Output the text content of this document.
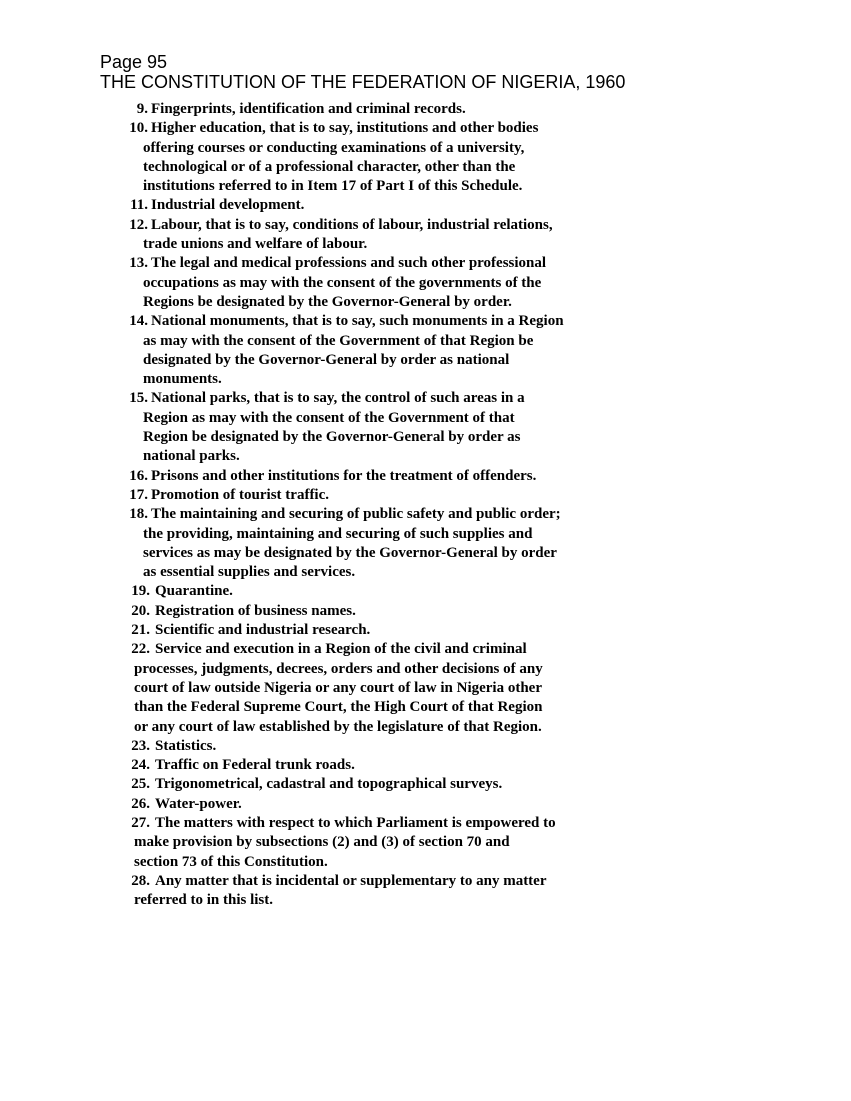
Page 95
THE CONSTITUTION OF THE FEDERATION OF NIGERIA, 1960
9. Fingerprints, identification and criminal records.
10. Higher education, that is to say, institutions and other bodies
offering courses or conducting examinations of a university,
technological or of a professional character, other than the
institutions referred to in Item 17 of Part I of this Schedule.
11. Industrial development.
12. Labour, that is to say, conditions of labour, industrial relations,
trade unions and welfare of labour.
13. The legal and medical professions and such other professional
occupations as may with the consent of the governments of the
Regions be designated by the Governor-General by order.
14. National monuments, that is to say, such monuments in a Region
as may with the consent of the Government of that Region be
designated by the Governor-General by order as national
monuments.
15. National parks, that is to say, the control of such areas in a
Region as may with the consent of the Government of that
Region be designated by the Governor-General by order as
national parks.
16. Prisons and other institutions for the treatment of offenders.
17. Promotion of tourist traffic.
18. The maintaining and securing of public safety and public order;
the providing, maintaining and securing of such supplies and
services as may be designated by the Governor-General by order
as essential supplies and services.
19. Quarantine.
20. Registration of business names.
21. Scientific and industrial research.
22. Service and execution in a Region of the civil and criminal
processes, judgments, decrees, orders and other decisions of any
court of law outside Nigeria or any court of law in Nigeria other
than the Federal Supreme Court, the High Court of that Region
or any court of law established by the legislature of that Region.
23. Statistics.
24. Traffic on Federal trunk roads.
25. Trigonometrical, cadastral and topographical surveys.
26. Water-power.
27. The matters with respect to which Parliament is empowered to
make provision by subsections (2) and (3) of section 70 and
section 73 of this Constitution.
28. Any matter that is incidental or supplementary to any matter
referred to in this list.
